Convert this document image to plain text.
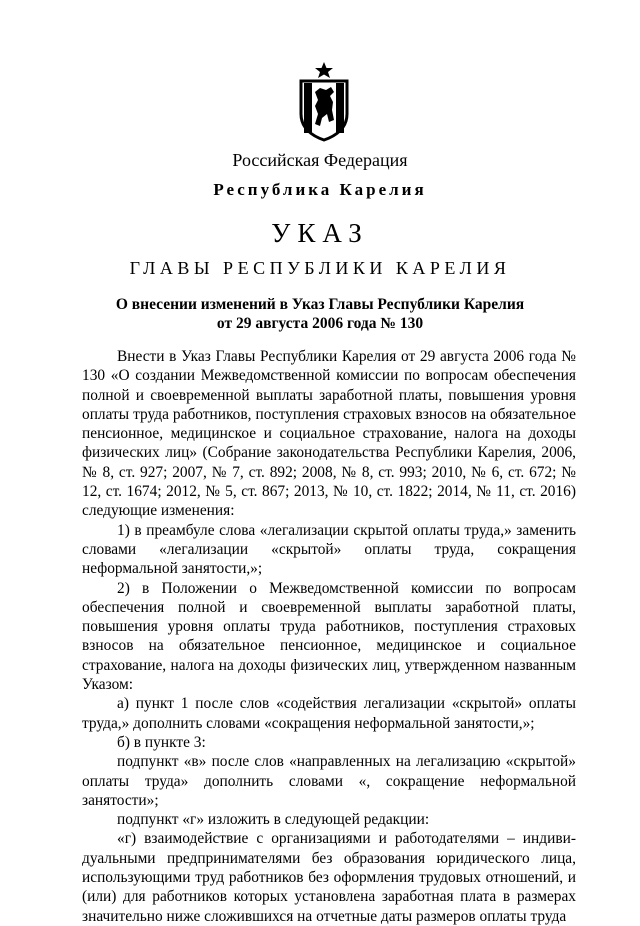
Российская Федерация
Республика Карелия
УКАЗ
ГЛАВЫ РЕСПУБЛИКИ КАРЕЛИЯ
О внесении изменений в Указ Главы Республики Карелия
от 29 августа 2006 года № 130

Внести в Указ Главы Республики Карелия от 29 августа 2006 года № 130 «О создании Межведомственной комиссии по вопросам обеспечения полной и своевременной выплаты заработной платы, повышения уровня оплаты труда работников, поступления страховых взносов на обязательное пенсионное, медицинское и социальное страхование, налога на доходы физических лиц» (Собрание законодательства Республики Карелия, 2006, № 8, ст. 927; 2007, № 7, ст. 892; 2008, № 8, ст. 993; 2010, № 6, ст. 672; № 12, ст. 1674; 2012, № 5, ст. 867; 2013, № 10, ст. 1822; 2014, № 11, ст. 2016) следующие изменения:

1) в преамбуле слова «легализации скрытой оплаты труда,» заменить словами «легализации «скрытой» оплаты труда, сокращения неформальной занятости,»;

2) в Положении о Межведомственной комиссии по вопросам обеспечения полной и своевременной выплаты заработной платы, повышения уровня оплаты труда работников, поступления страховых взносов на обязательное пенсионное, медицинское и социальное страхование, налога на доходы физических лиц, утвержденном названным Указом:

а) пункт 1 после слов «содействия легализации «скрытой» оплаты труда,» дополнить словами «сокращения неформальной занятости,»;

б) в пункте 3:

подпункт «в» после слов «направленных на легализацию «скрытой» оплаты труда» дополнить словами «, сокращение неформальной занятости»;

подпункт «г» изложить в следующей редакции:

«г) взаимодействие с организациями и работодателями – индивидуальными предпринимателями без образования юридического лица, использующими труд работников без оформления трудовых отношений, и (или) для работников которых установлена заработная плата в размерах значительно ниже сложившихся на отчетные даты размеров оплаты труда
